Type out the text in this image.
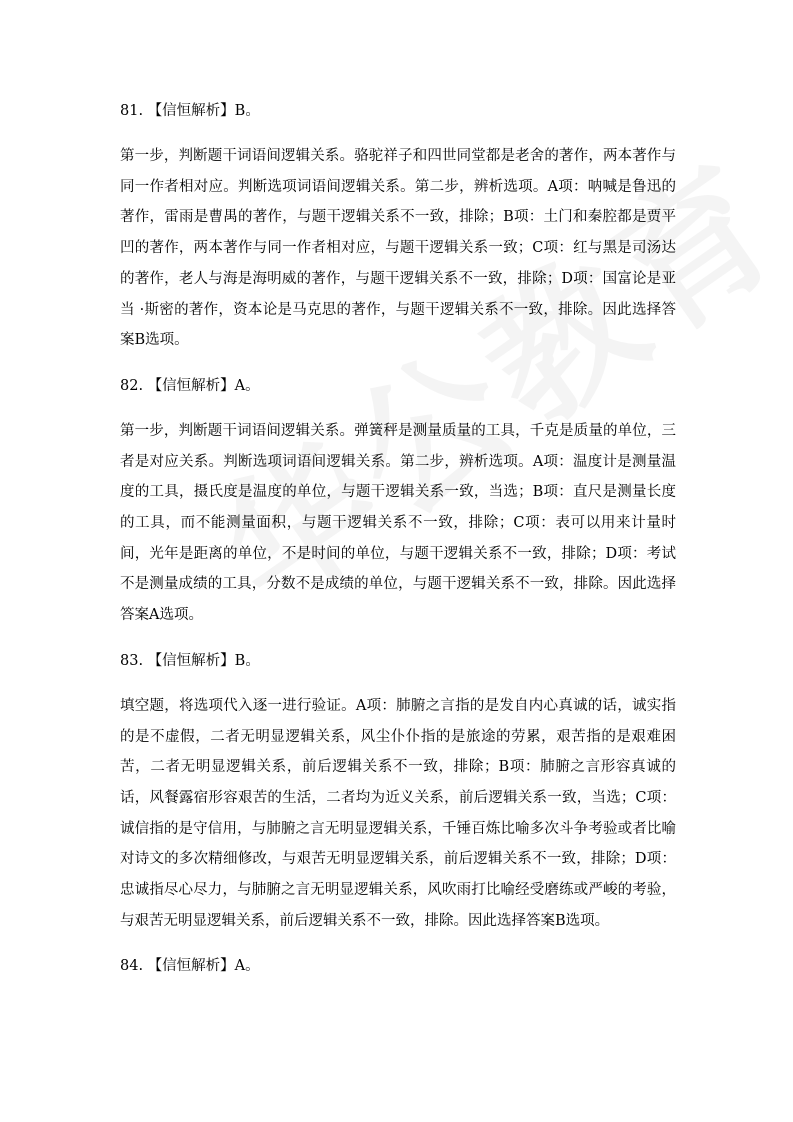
81. 【信恒解析】B。
第一步，判断题干词语间逻辑关系。骆驼祥子和四世同堂都是老舍的著作，两本著作与同一作者相对应。判断选项词语间逻辑关系。第二步，辨析选项。A项：呐喊是鲁迅的著作，雷雨是曹禺的著作，与题干逻辑关系不一致，排除；B项：土门和秦腔都是贾平凹的著作，两本著作与同一作者相对应，与题干逻辑关系一致；C项：红与黑是司汤达的著作，老人与海是海明威的著作，与题干逻辑关系不一致，排除；D项：国富论是亚当 ·斯密的著作，资本论是马克思的著作，与题干逻辑关系不一致，排除。因此选择答案B选项。
82. 【信恒解析】A。
第一步，判断题干词语间逻辑关系。弹簧秤是测量质量的工具，千克是质量的单位，三者是对应关系。判断选项词语间逻辑关系。第二步，辨析选项。A项：温度计是测量温度的工具，摄氏度是温度的单位，与题干逻辑关系一致，当选；B项：直尺是测量长度的工具，而不能测量面积，与题干逻辑关系不一致，排除；C项：表可以用来计量时间，光年是距离的单位，不是时间的单位，与题干逻辑关系不一致，排除；D项：考试不是测量成绩的工具，分数不是成绩的单位，与题干逻辑关系不一致，排除。因此选择答案A选项。
83. 【信恒解析】B。
填空题，将选项代入逐一进行验证。A项：肺腑之言指的是发自内心真诚的话，诚实指的是不虚假，二者无明显逻辑关系，风尘仆仆指的是旅途的劳累，艰苦指的是艰难困苦，二者无明显逻辑关系，前后逻辑关系不一致，排除；B项：肺腑之言形容真诚的话，风餐露宿形容艰苦的生活，二者均为近义关系，前后逻辑关系一致，当选；C项：诚信指的是守信用，与肺腑之言无明显逻辑关系，千锤百炼比喻多次斗争考验或者比喻对诗文的多次精细修改，与艰苦无明显逻辑关系，前后逻辑关系不一致，排除；D项：忠诚指尽心尽力，与肺腑之言无明显逻辑关系，风吹雨打比喻经受磨练或严峻的考验，与艰苦无明显逻辑关系，前后逻辑关系不一致，排除。因此选择答案B选项。
84. 【信恒解析】A。
